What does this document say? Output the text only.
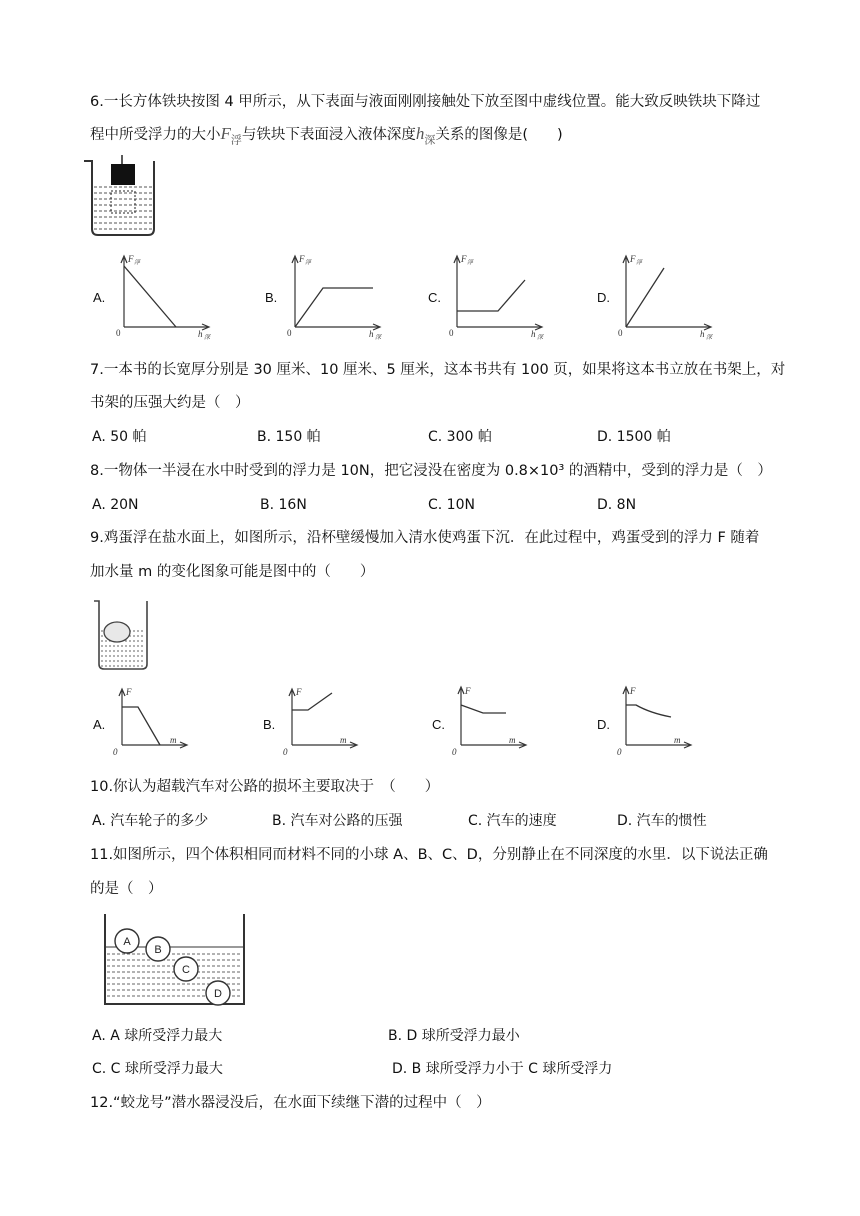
6.一长方体铁块按图 4 甲所示，从下表面与液面刚刚接触处下放至图中虚线位置。能大致反映铁块下降过
程中所受浮力的大小$F_浮$与铁块下表面浸入液体深度$h_深$关系的图像是(　　)
A.
F 浮
h 深
0
B.
F 浮
h 深
0
C.
F 浮
h 深
0
D.
F 浮
h 深
0
7.一本书的长宽厚分别是 30 厘米、10 厘米、5 厘米，这本书共有 100 页，如果将这本书立放在书架上，对
书架的压强大约是（　）
A. 50 帕	B. 150 帕	C. 300 帕	D. 1500 帕
8.一物体一半浸在水中时受到的浮力是 10N，把它浸没在密度为 0.8×10³ 的酒精中，受到的浮力是（　）
A. 20N	B. 16N	C. 10N	D. 8N
9.鸡蛋浮在盐水面上，如图所示，沿杯壁缓慢加入清水使鸡蛋下沉．在此过程中，鸡蛋受到的浮力 F 随着
加水量 m 的变化图象可能是图中的（　　）
A.
F
m
0
B.
F
m
0
C.
F
m
0
D.
F
m
0
10.你认为超载汽车对公路的损坏主要取决于　（　　）
A. 汽车轮子的多少	B. 汽车对公路的压强	C. 汽车的速度	D. 汽车的惯性
11.如图所示，四个体积相同而材料不同的小球 A、B、C、D，分别静止在不同深度的水里．以下说法正确
的是（　）
A
B
C
D
A. A 球所受浮力最大	B. D 球所受浮力最小
C. C 球所受浮力最大	D. B 球所受浮力小于 C 球所受浮力
12.“蛟龙号”潜水器浸没后，在水面下续继下潜的过程中（　）
